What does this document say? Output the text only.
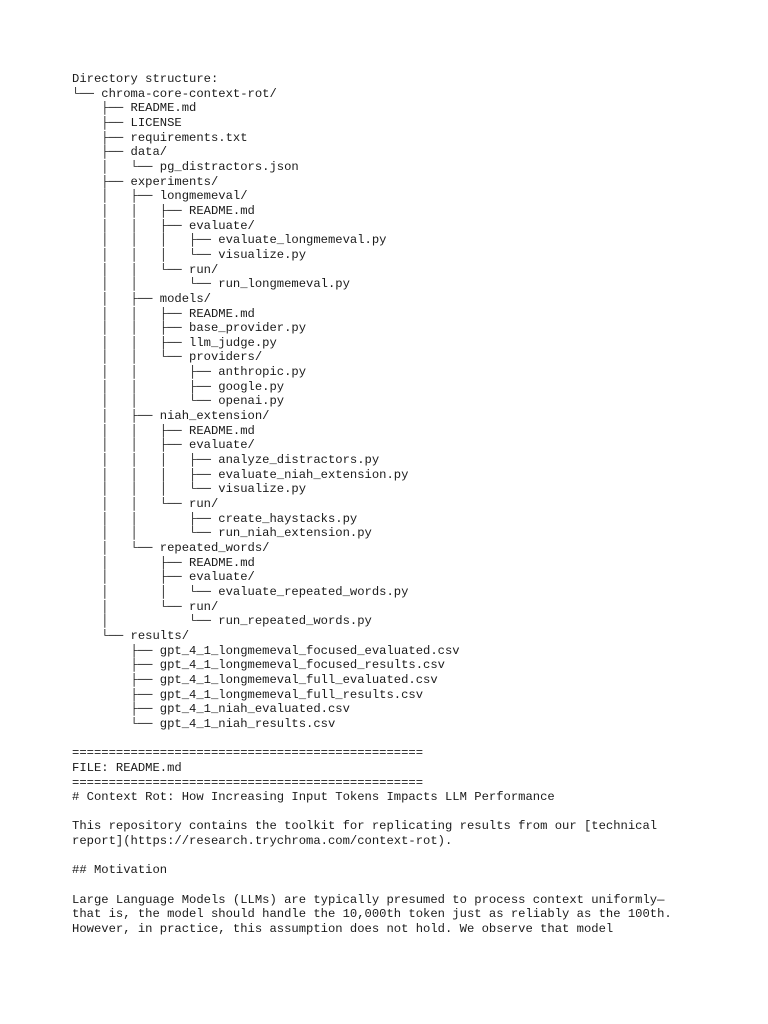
Directory structure:
└── chroma-core-context-rot/
├── README.md
├── LICENSE
├── requirements.txt
├── data/
│   └── pg_distractors.json
├── experiments/
│   ├── longmemeval/
│   │   ├── README.md
│   │   ├── evaluate/
│   │   │   ├── evaluate_longmemeval.py
│   │   │   └── visualize.py
│   │   └── run/
│   │       └── run_longmemeval.py
│   ├── models/
│   │   ├── README.md
│   │   ├── base_provider.py
│   │   ├── llm_judge.py
│   │   └── providers/
│   │       ├── anthropic.py
│   │       ├── google.py
│   │       └── openai.py
│   ├── niah_extension/
│   │   ├── README.md
│   │   ├── evaluate/
│   │   │   ├── analyze_distractors.py
│   │   │   ├── evaluate_niah_extension.py
│   │   │   └── visualize.py
│   │   └── run/
│   │       ├── create_haystacks.py
│   │       └── run_niah_extension.py
│   └── repeated_words/
│       ├── README.md
│       ├── evaluate/
│       │   └── evaluate_repeated_words.py
│       └── run/
│           └── run_repeated_words.py
└── results/
├── gpt_4_1_longmemeval_focused_evaluated.csv
├── gpt_4_1_longmemeval_focused_results.csv
├── gpt_4_1_longmemeval_full_evaluated.csv
├── gpt_4_1_longmemeval_full_results.csv
├── gpt_4_1_niah_evaluated.csv
└── gpt_4_1_niah_results.csv

================================================
FILE: README.md
================================================
# Context Rot: How Increasing Input Tokens Impacts LLM Performance

This repository contains the toolkit for replicating results from our [technical
report](https://research.trychroma.com/context-rot).

## Motivation

Large Language Models (LLMs) are typically presumed to process context uniformly—
that is, the model should handle the 10,000th token just as reliably as the 100th.
However, in practice, this assumption does not hold. We observe that model
